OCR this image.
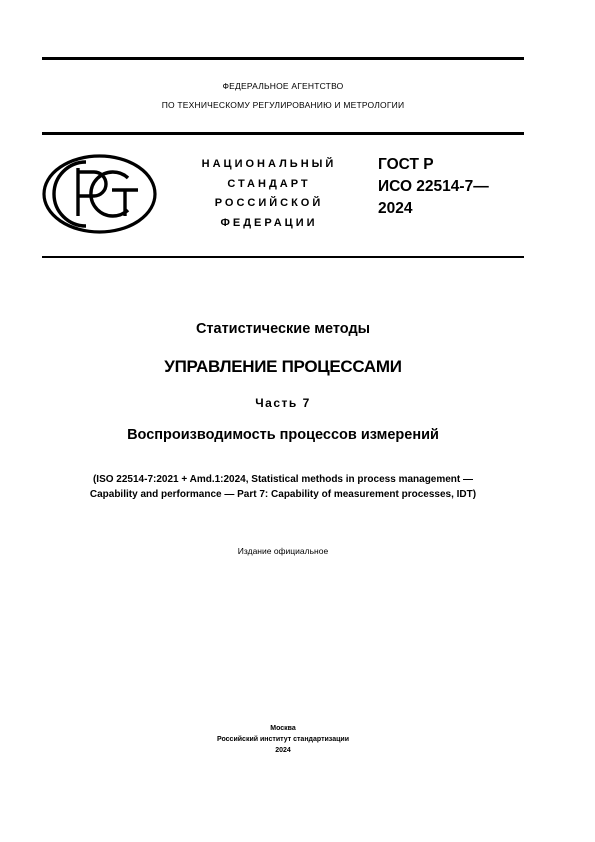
ФЕДЕРАЛЬНОЕ АГЕНТСТВО
ПО ТЕХНИЧЕСКОМУ РЕГУЛИРОВАНИЮ И МЕТРОЛОГИИ
НАЦИОНАЛЬНЫЙ
СТАНДАРТ
РОССИЙСКОЙ
ФЕДЕРАЦИИ
ГОСТ Р
ИСО 22514-7—
2024
Статистические методы
УПРАВЛЕНИЕ ПРОЦЕССАМИ
Часть 7
Воспроизводимость процессов измерений
(ISO 22514-7:2021 + Amd.1:2024, Statistical methods in process management —
Capability and performance — Part 7: Capability of measurement processes, IDT)
Издание официальное
Москва
Российский институт стандартизации
2024
